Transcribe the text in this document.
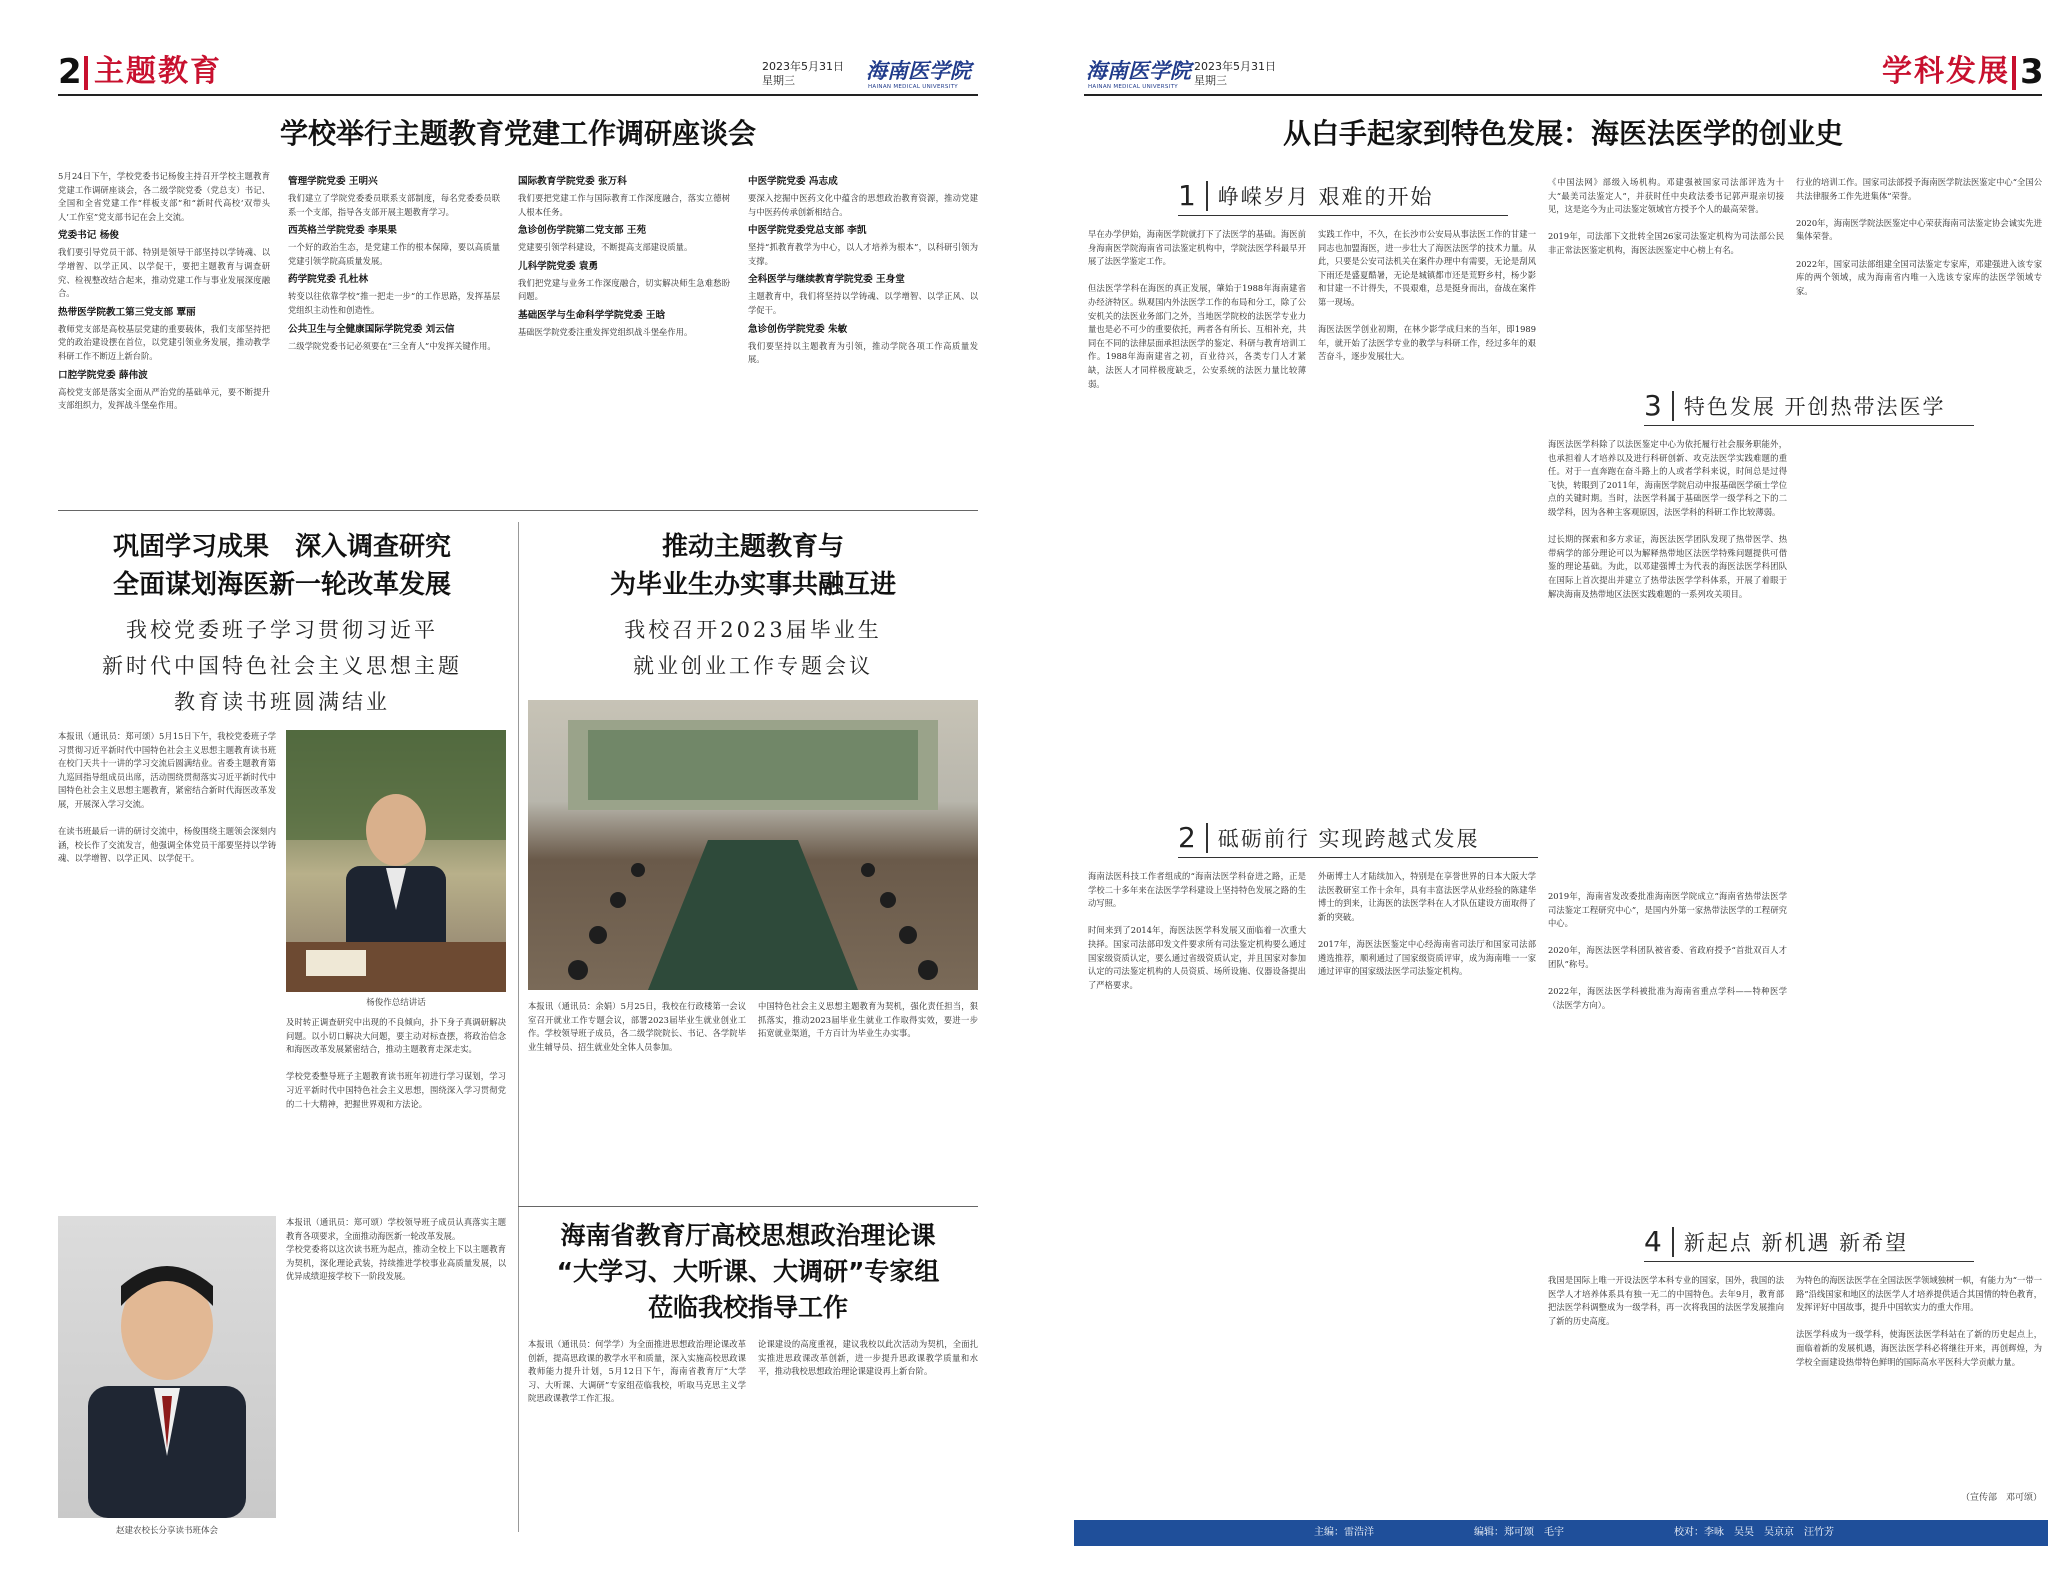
2 主题教育	2023年5月31日
星期三	海南医学院
HAINAN MEDICAL UNIVERSITY
学校举行主题教育党建工作调研座谈会
5月24日下午，学校党委书记杨俊主持召开学校主题教育党建工作调研座谈会，各二级学院党委（党总支）书记、全国和全省党建工作“样板支部”和“新时代高校‘双带头人’工作室”党支部书记在会上交流。
党委书记 杨俊
我们要引导党员干部、特别是领导干部坚持以学铸魂、以学增智、以学正风、以学促干，要把主题教育与调查研究、检视整改结合起来，推动党建工作与事业发展深度融合。
热带医学院教工第三党支部 覃丽
教师党支部是高校基层党建的重要载体，我们支部坚持把党的政治建设摆在首位，以党建引领业务发展，推动教学科研工作不断迈上新台阶。
口腔学院党委 薛伟波
高校党支部是落实全面从严治党的基础单元，要不断提升支部组织力，发挥战斗堡垒作用。
管理学院党委 王明兴
我们建立了学院党委委员联系支部制度，每名党委委员联系一个支部，指导各支部开展主题教育学习。
西英格兰学院党委 李果果
一个好的政治生态，是党建工作的根本保障，要以高质量党建引领学院高质量发展。
药学院党委 孔杜林
转变以往依靠学校“推一把走一步”的工作思路，发挥基层党组织主动性和创造性。
公共卫生与全健康国际学院党委 刘云信
二级学院党委书记必须要在“三全育人”中发挥关键作用。
国际教育学院党委 张万科
我们要把党建工作与国际教育工作深度融合，落实立德树人根本任务。
急诊创伤学院第二党支部 王苑
党建要引领学科建设，不断提高支部建设质量。
儿科学院党委 袁勇
我们把党建与业务工作深度融合，切实解决师生急难愁盼问题。
基础医学与生命科学学院党委 王晗
基础医学院党委注重发挥党组织战斗堡垒作用。
中医学院党委 冯志成
要深入挖掘中医药文化中蕴含的思想政治教育资源，推动党建与中医药传承创新相结合。
中医学院党委党总支部 李凯
坚持“抓教育教学为中心，以人才培养为根本”，以科研引领为支撑。
全科医学与继续教育学院党委 王身堂
主题教育中，我们将坚持以学铸魂、以学增智、以学正风、以学促干。
急诊创伤学院党委 朱敏
我们要坚持以主题教育为引领，推动学院各项工作高质量发展。
巩固学习成果　深入调查研究
全面谋划海医新一轮改革发展
我校党委班子学习贯彻习近平
新时代中国特色社会主义思想主题
教育读书班圆满结业
本报讯（通讯员：郑可颂）5月15日下午，我校党委班子学习贯彻习近平新时代中国特色社会主义思想主题教育读书班在校门天共十一讲的学习交流后圆满结业。省委主题教育第九巡回指导组成员出席，活动围绕贯彻落实习近平新时代中国特色社会主义思想主题教育，紧密结合新时代海医改革发展，开展深入学习交流。

在读书班最后一讲的研讨交流中，杨俊围绕主题领会深刻内涵，校长作了交流发言，他强调全体党员干部要坚持以学铸魂、以学增智、以学正风、以学促干。
杨俊作总结讲话
及时转正调查研究中出现的不良倾向，扑下身子真调研解决问题。以小切口解决大问题，要主动对标查摆，将政治信念和海医改革发展紧密结合，推动主题教育走深走实。

学校党委整导班子主题教育读书班年初进行学习谋划，学习习近平新时代中国特色社会主义思想，围绕深入学习贯彻党的二十大精神，把握世界观和方法论。
赵建农校长分享读书班体会
本报讯（通讯员：郑可颂）学校领导班子成员认真落实主题教育各项要求，全面推动海医新一轮改革发展。
学校党委将以这次读书班为起点，推动全校上下以主题教育为契机，深化理论武装，持续推进学校事业高质量发展，以优异成绩迎接学校下一阶段发展。
推动主题教育与
为毕业生办实事共融互进
我校召开2023届毕业生
就业创业工作专题会议
本报讯（通讯员：余娟）5月25日，我校在行政楼第一会议室召开就业工作专题会议，部署2023届毕业生就业创业工作。学校领导班子成员，各二级学院院长、书记、各学院毕业生辅导员、招生就业处全体人员参加。
中国特色社会主义思想主题教育为契机，强化责任担当，狠抓落实，推动2023届毕业生就业工作取得实效，要进一步拓宽就业渠道，千方百计为毕业生办实事。
海南省教育厅高校思想政治理论课
“大学习、大听课、大调研”专家组
莅临我校指导工作
本报讯（通讯员：何学学）为全面推进思想政治理论课改革创新，提高思政课的教学水平和质量，深入实施高校思政课教师能力提升计划，5月12日下午，海南省教育厅“大学习、大听课、大调研”专家组莅临我校，听取马克思主义学院思政课教学工作汇报。
论课建设的高度重视，建议我校以此次活动为契机，全面扎实推进思政课改革创新，进一步提升思政课教学质量和水平，推动我校思想政治理论课建设再上新台阶。
海南医学院
HAINAN MEDICAL UNIVERSITY
2023年5月31日
星期三	学科发展 3
从白手起家到特色发展：海医法医学的创业史
1	峥嵘岁月 艰难的开始
早在办学伊始，海南医学院就打下了法医学的基础。海医前身海南医学院海南省司法鉴定机构中，学院法医学科最早开展了法医学鉴定工作。

但法医学学科在海医的真正发展，肇始于1988年海南建省办经济特区。纵观国内外法医学工作的布局和分工，除了公安机关的法医业务部门之外，当地医学院校的法医学专业力量也是必不可少的重要依托，两者各有所长、互相补充，共同在不同的法律层面承担法医学的鉴定、科研与教育培训工作。1988年海南建省之初，百业待兴，各类专门人才紧缺，法医人才同样极度缺乏，公安系统的法医力量比较薄弱。
实践工作中，不久，在长沙市公安局从事法医工作的甘建一同志也加盟海医，进一步壮大了海医法医学的技术力量。从此，只要是公安司法机关在案件办理中有需要，无论是刮风下雨还是盛夏酷暑，无论是城镇都市还是荒野乡村，杨少影和甘建一不计得失，不畏艰难，总是挺身而出，奋战在案件第一现场。

海医法医学创业初期，在林少影学成归来的当年，即1989年，就开始了法医学专业的教学与科研工作，经过多年的艰苦奋斗，逐步发展壮大。
《中国法网》部级入场机构。邓建强被国家司法部评选为十大“最美司法鉴定人”，并获时任中央政法委书记郭声琨亲切接见，这是迄今为止司法鉴定领域官方授予个人的最高荣誉。

2019年，司法部下文批转全国26家司法鉴定机构为司法部公民非正常法医鉴定机构，海医法医鉴定中心榜上有名。
行业的培训工作。国家司法部授予海南医学院法医鉴定中心“全国公共法律服务工作先进集体”荣誉。

2020年，海南医学院法医鉴定中心荣获海南司法鉴定协会诚实先进集体荣誉。

2022年，国家司法部组建全国司法鉴定专家库，邓建强进入该专家库的两个领域，成为海南省内唯一入选该专家库的法医学领域专家。
3	特色发展 开创热带法医学
海医法医学科除了以法医鉴定中心为依托履行社会服务职能外，也承担着人才培养以及进行科研创新、攻克法医学实践难题的重任。对于一直奔跑在奋斗路上的人或者学科来说，时间总是过得飞快，转眼到了2011年，海南医学院启动申报基础医学硕士学位点的关键时期。当时，法医学科属于基础医学一级学科之下的二级学科，因为各种主客观原因，法医学科的科研工作比较薄弱。

过长期的探索和多方求证，海医法医学团队发现了热带医学、热带病学的部分理论可以为解释热带地区法医学特殊问题提供可借鉴的理论基础。为此，以邓建强博士为代表的海医法医学科团队在国际上首次提出并建立了热带法医学学科体系，开展了着眼于解决海南及热带地区法医实践难题的一系列攻关项目。
2	砥砺前行 实现跨越式发展
海南法医科技工作者组成的“海南法医学科奋进之路，正是学校二十多年来在法医学学科建设上坚持特色发展之路的生动写照。

时间来到了2014年，海医法医学科发展又面临着一次重大抉择。国家司法部印发文件要求所有司法鉴定机构要么通过国家级资质认定，要么通过省级资质认定，并且国家对参加认定的司法鉴定机构的人员资质、场所设施、仪器设备提出了严格要求。
外砺博士人才陆续加入，特别是在享誉世界的日本大阪大学法医教研室工作十余年，具有丰富法医学从业经验的陈建华博士的到来，让海医的法医学科在人才队伍建设方面取得了新的突破。

2017年，海医法医鉴定中心经海南省司法厅和国家司法部遴选推荐，顺利通过了国家级资质评审，成为海南唯一一家通过评审的国家级法医学司法鉴定机构。
2019年，海南省发改委批准海南医学院成立“海南省热带法医学司法鉴定工程研究中心”，是国内外第一家热带法医学的工程研究中心。

2020年，海医法医学科团队被省委、省政府授予“首批双百人才团队”称号。

2022年，海医法医学科被批准为海南省重点学科——特种医学（法医学方向）。
4	新起点 新机遇 新希望
我国是国际上唯一开设法医学本科专业的国家，国外，我国的法医学人才培养体系具有独一无二的中国特色。去年9月，教育部把法医学科调整成为一级学科，再一次将我国的法医学发展推向了新的历史高度。
为特色的海医法医学在全国法医学领域独树一帜，有能力为“一带一路”沿线国家和地区的法医学人才培养提供适合其国情的特色教育，发挥评好中国故事，提升中国软实力的重大作用。

法医学科成为一级学科，使海医法医学科站在了新的历史起点上，面临着新的发展机遇，海医法医学科必将继往开来，再创辉煌，为学校全面建设热带特色鲜明的国际高水平医科大学贡献力量。
（宣传部　邓可颂）
主编：雷浩洋	编辑：郑可颂　毛宇	校对：李咏　吴昊　吴京京　汪竹芳
